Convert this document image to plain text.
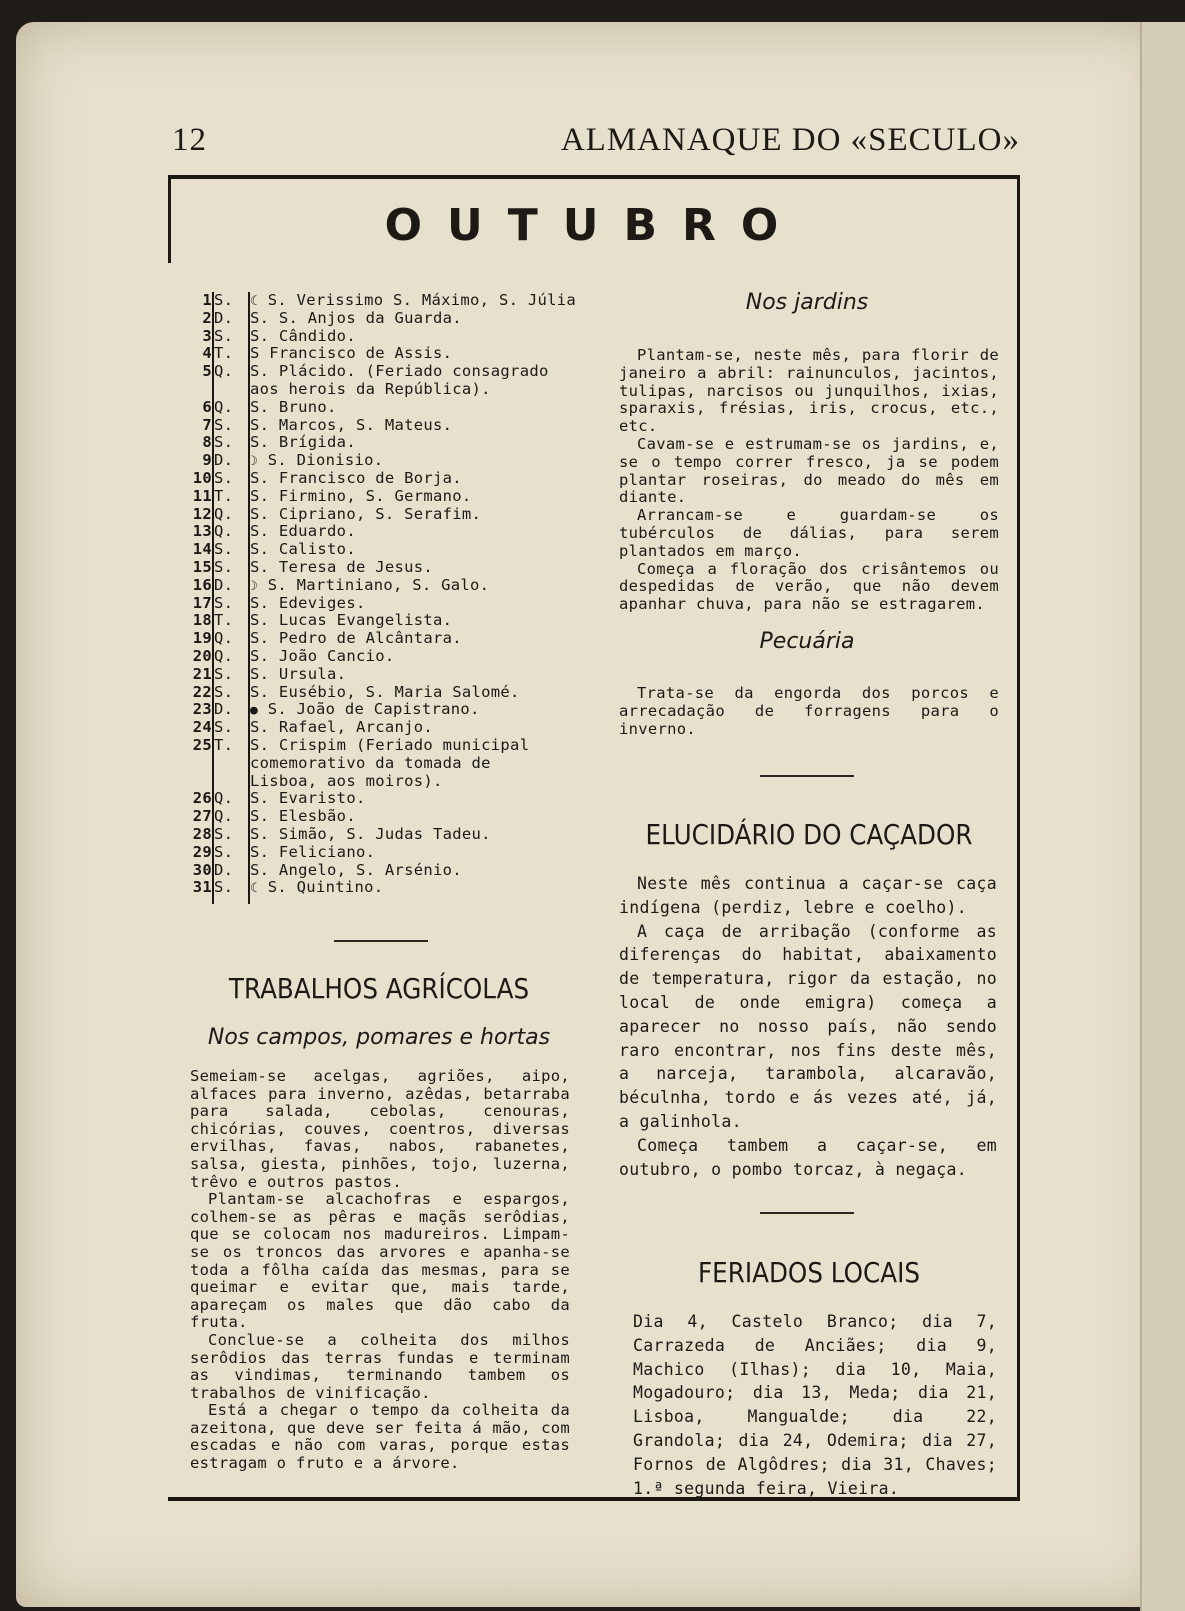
12	ALMANAQUE DO «SECULO»
OUTUBRO
1 S. ☾ S. Verissimo S. Máximo, S. Júlia
2 D. S. S. Anjos da Guarda.
3 S. S. Cândido.
4 T. S Francisco de Assis.
5 Q. S. Plácido. (Feriado consagrado
aos herois da República).
6 Q. S. Bruno.
7 S. S. Marcos, S. Mateus.
8 S. S. Brígida.
9 D. ☽ S. Dionisio.
10 S. S. Francisco de Borja.
11 T. S. Firmino, S. Germano.
12 Q. S. Cipriano, S. Serafim.
13 Q. S. Eduardo.
14 S. S. Calisto.
15 S. S. Teresa de Jesus.
16 D. ☽ S. Martiniano, S. Galo.
17 S. S. Edeviges.
18 T. S. Lucas Evangelista.
19 Q. S. Pedro de Alcântara.
20 Q. S. João Cancio.
21 S. S. Ursula.
22 S. S. Eusébio, S. Maria Salomé.
23 D. ● S. João de Capistrano.
24 S. S. Rafael, Arcanjo.
25 T. S. Crispim (Feriado municipal
comemorativo da tomada de
Lisboa, aos moiros).
26 Q. S. Evaristo.
27 Q. S. Elesbão.
28 S. S. Simão, S. Judas Tadeu.
29 S. S. Feliciano.
30 D. S. Angelo, S. Arsénio.
31 S. ☾ S. Quintino.
TRABALHOS AGRÍCOLAS
Nos campos, pomares e hortas

Semeiam-se acelgas, agriões, aipo, alfaces para inverno, azêdas, betarraba para salada, cebolas, cenouras, chicórias, couves, coentros, diversas ervilhas, favas, nabos, rabanetes, salsa, giesta, pinhões, tojo, luzerna, trêvo e outros pastos.

Plantam-se alcachofras e espargos, colhem-se as pêras e maçãs serôdias, que se colocam nos madureiros. Limpam-se os troncos das arvores e apanha-se toda a fôlha caída das mesmas, para se queimar e evitar que, mais tarde, apareçam os males que dão cabo da fruta.

Conclue-se a colheita dos milhos serôdios das terras fundas e terminam as vindimas, terminando tambem os trabalhos de vinificação.

Está a chegar o tempo da colheita da azeitona, que deve ser feita á mão, com escadas e não com varas, porque estas estragam o fruto e a árvore.

Nos jardins

Plantam-se, neste mês, para florir de janeiro a abril: rainunculos, jacintos, tulipas, narcisos ou junquilhos, ixias, sparaxis, frésias, iris, crocus, etc., etc.

Cavam-se e estrumam-se os jardins, e, se o tempo correr fresco, ja se podem plantar roseiras, do meado do mês em diante.

Arrancam-se e guardam-se os tubérculos de dálias, para serem plantados em março.

Começa a floração dos crisântemos ou despedidas de verão, que não devem apanhar chuva, para não se estragarem.

Pecuária
Trata-se da engorda dos porcos e arrecadação de forragens para o inverno.
ELUCIDÁRIO DO CAÇADOR

Neste mês continua a caçar-se caça indígena (perdiz, lebre e coelho).

A caça de arribação (conforme as diferenças do habitat, abaixamento de temperatura, rigor da estação, no local de onde emigra) começa a aparecer no nosso país, não sendo raro encontrar, nos fins deste mês, a narceja, tarambola, alcaravão, béculnha, tordo e ás vezes até, já, a galinhola.

Começa tambem a caçar-se, em outubro, o pombo torcaz, à negaça.

FERIADOS LOCAIS
Dia 4, Castelo Branco; dia 7, Carrazeda de Anciães; dia 9, Machico (Ilhas); dia 10, Maia, Mogadouro; dia 13, Meda; dia 21, Lisboa, Mangualde; dia 22, Grandola; dia 24, Odemira; dia 27, Fornos de Algôdres; dia 31, Chaves; 1.ª segunda feira, Vieira.
